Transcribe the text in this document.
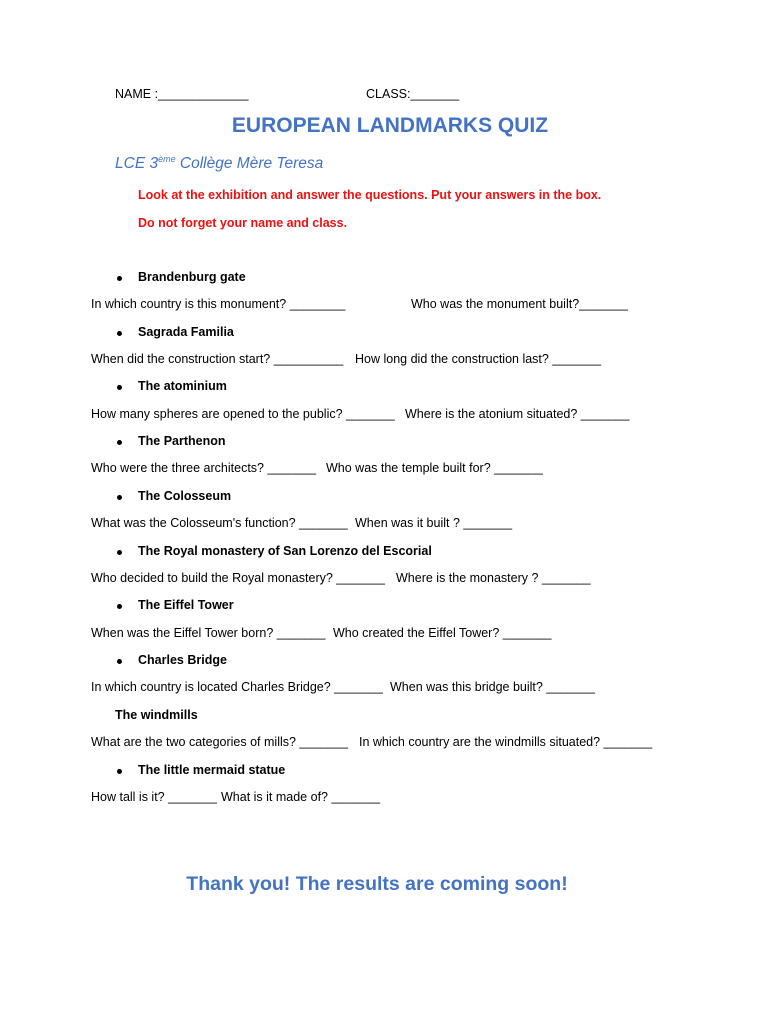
NAME :_____________	CLASS:_______
EUROPEAN LANDMARKS QUIZ
LCE 3ème Collège Mère Teresa
Look at the exhibition and answer the questions. Put your answers in the box.
Do not forget your name and class.
Brandenburg gate
In which country is this monument? ________	Who was the monument built?_______
Sagrada Familia
When did the construction start? __________ How long did the construction last? _______
The atominium
How many spheres are opened to the public? _______ Where is the atonium situated? _______
The Parthenon
Who were the three architects? _______ Who was the temple built for? _______
The Colosseum
What was the Colosseum's function? _______ When was it built ? _______
The Royal monastery of San Lorenzo del Escorial
Who decided to build the Royal monastery? _______ Where is the monastery ? _______
The Eiffel Tower
When was the Eiffel Tower born? _______ Who created the Eiffel Tower? _______
Charles Bridge
In which country is located Charles Bridge? _______ When was this bridge built? _______
The windmills
What are the two categories of mills? _______ In which country are the windmills situated? _______
The little mermaid statue
How tall is it? _______ What is it made of? _______
Thank you! The results are coming soon!
